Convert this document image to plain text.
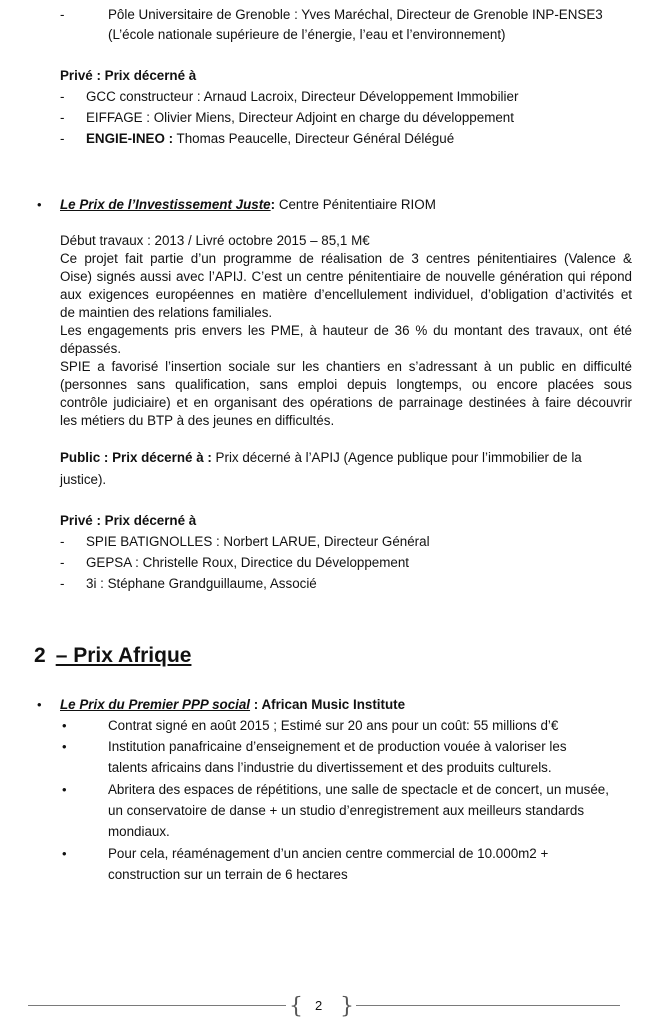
-	Pôle Universitaire de Grenoble : Yves Maréchal, Directeur de Grenoble INP-ENSE3
(L’école nationale supérieure de l’énergie, l’eau et l’environnement)
Privé : Prix décerné à
- GCC constructeur : Arnaud Lacroix, Directeur Développement Immobilier
- EIFFAGE : Olivier Miens, Directeur Adjoint en charge du développement
- ENGIE-INEO : Thomas Peaucelle, Directeur Général Délégué
• Le Prix de l’Investissement Juste: Centre Pénitentiaire RIOM
Début travaux : 2013 / Livré octobre 2015 – 85,1 M€
Ce projet fait partie d’un programme de réalisation de 3 centres pénitentiaires (Valence &
Oise) signés aussi avec l’APIJ. C’est un centre pénitentiaire de nouvelle génération qui répond
aux exigences européennes en matière d’encellulement individuel, d’obligation d’activités et
de maintien des relations familiales.
Les engagements pris envers les PME, à hauteur de 36 % du montant des travaux, ont été
dépassés.
SPIE a favorisé l’insertion sociale sur les chantiers en s’adressant à un public en difficulté
(personnes sans qualification, sans emploi depuis longtemps, ou encore placées sous
contrôle judiciaire) et en organisant des opérations de parrainage destinées à faire découvrir
les métiers du BTP à des jeunes en difficultés.
Public : Prix décerné à : Prix décerné à l’APIJ (Agence publique pour l’immobilier de la
justice).
Privé : Prix décerné à
- SPIE BATIGNOLLES : Norbert LARUE, Directeur Général
- GEPSA : Christelle Roux, Directice du Développement
- 3i : Stéphane Grandguillaume, Associé
2 – Prix Afrique
• Le Prix du Premier PPP social : African Music Institute
•	Contrat signé en août 2015 ; Estimé sur 20 ans pour un coût: 55 millions d’€
•	Institution panafricaine d’enseignement et de production vouée à valoriser les
talents africains dans l’industrie du divertissement et des produits culturels.
•	Abritera des espaces de répétitions, une salle de spectacle et de concert, un musée,
un conservatoire de danse + un studio d’enregistrement aux meilleurs standards
mondiaux.
•	Pour cela, réaménagement d’un ancien centre commercial de 10.000m2 +
construction sur un terrain de 6 hectares
{ 2 }
